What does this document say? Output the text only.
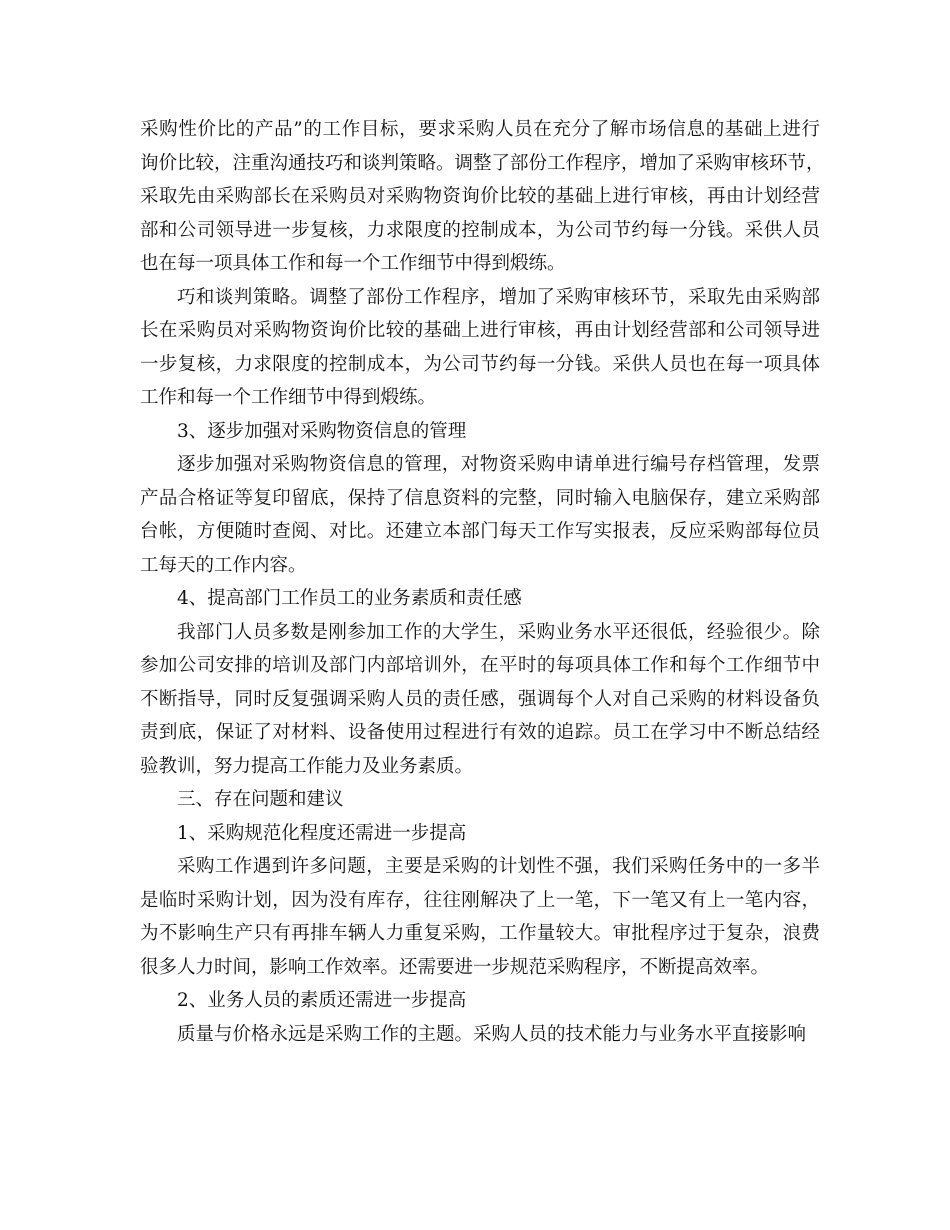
采购性价比的产品”的工作目标，要求采购人员在充分了解市场信息的基础上进行
询价比较，注重沟通技巧和谈判策略。调整了部份工作程序，增加了采购审核环节，
采取先由采购部长在采购员对采购物资询价比较的基础上进行审核，再由计划经营
部和公司领导进一步复核，力求限度的控制成本，为公司节约每一分钱。采供人员
也在每一项具体工作和每一个工作细节中得到煅练。
巧和谈判策略。调整了部份工作程序，增加了采购审核环节，采取先由采购部
长在采购员对采购物资询价比较的基础上进行审核，再由计划经营部和公司领导进
一步复核，力求限度的控制成本，为公司节约每一分钱。采供人员也在每一项具体
工作和每一个工作细节中得到煅练。
3、逐步加强对采购物资信息的管理
逐步加强对采购物资信息的管理，对物资采购申请单进行编号存档管理，发票
产品合格证等复印留底，保持了信息资料的完整，同时输入电脑保存，建立采购部
台帐，方便随时查阅、对比。还建立本部门每天工作写实报表，反应采购部每位员
工每天的工作内容。
4、提高部门工作员工的业务素质和责任感
我部门人员多数是刚参加工作的大学生，采购业务水平还很低，经验很少。除
参加公司安排的培训及部门内部培训外，在平时的每项具体工作和每个工作细节中
不断指导，同时反复强调采购人员的责任感，强调每个人对自己采购的材料设备负
责到底，保证了对材料、设备使用过程进行有效的追踪。员工在学习中不断总结经
验教训，努力提高工作能力及业务素质。
三、存在问题和建议
1、采购规范化程度还需进一步提高
采购工作遇到许多问题，主要是采购的计划性不强，我们采购任务中的一多半
是临时采购计划，因为没有库存，往往刚解决了上一笔，下一笔又有上一笔内容，
为不影响生产只有再排车辆人力重复采购，工作量较大。审批程序过于复杂，浪费
很多人力时间，影响工作效率。还需要进一步规范采购程序，不断提高效率。
2、业务人员的素质还需进一步提高
质量与价格永远是采购工作的主题。采购人员的技术能力与业务水平直接影响
